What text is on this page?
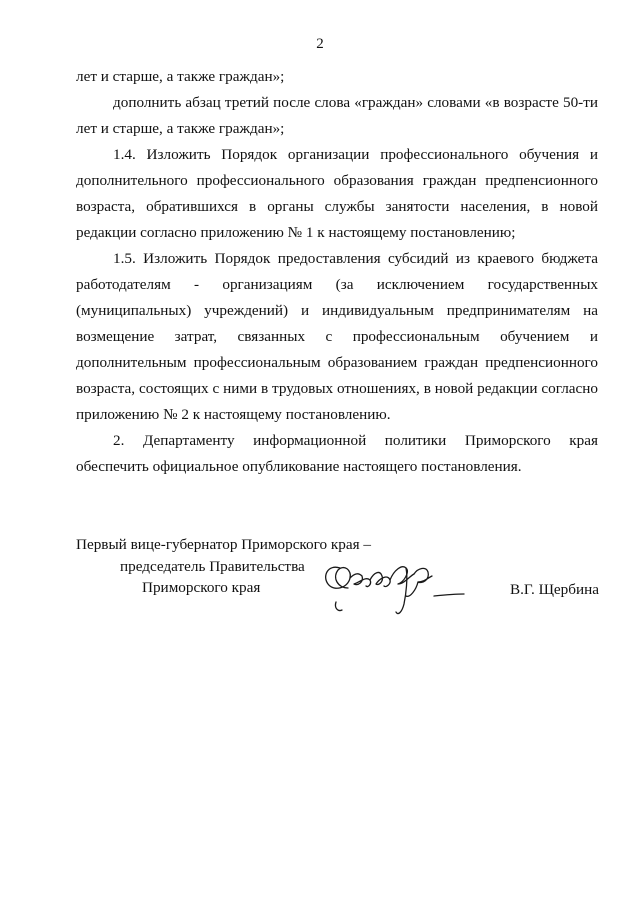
2

лет и старше, а также граждан»;

дополнить абзац третий после слова «граждан» словами «в возрасте 50-ти лет и старше, а также граждан»;

1.4. Изложить Порядок организации профессионального обучения и дополнительного профессионального образования граждан предпенсионного возраста, обратившихся в органы службы занятости населения, в новой редакции согласно приложению № 1 к настоящему постановлению;

1.5. Изложить Порядок предоставления субсидий из краевого бюджета работодателям - организациям (за исключением государственных (муниципальных) учреждений) и индивидуальным предпринимателям на возмещение затрат, связанных с профессиональным обучением и дополнительным профессиональным образованием граждан предпенсионного возраста, состоящих с ними в трудовых отношениях, в новой редакции согласно приложению № 2 к настоящему постановлению.

2. Департаменту информационной политики Приморского края обеспечить официальное опубликование настоящего постановления.

Первый вице-губернатор Приморского края –
председатель Правительства
Приморского края	В.Г. Щербина
